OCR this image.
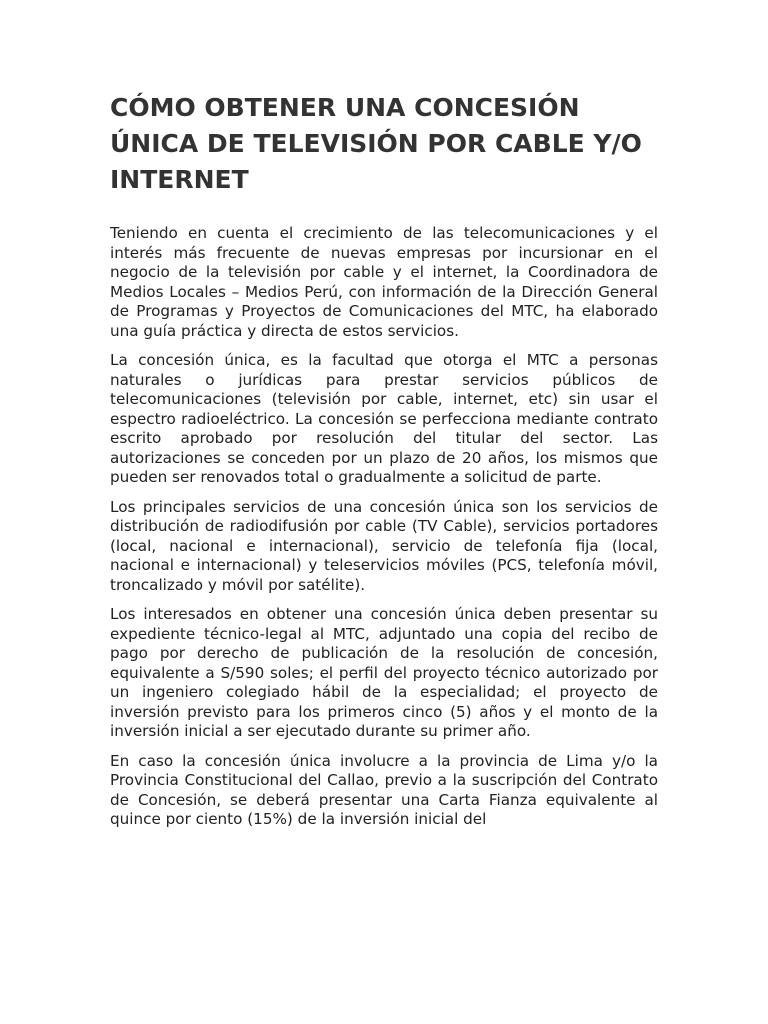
CÓMO OBTENER UNA CONCESIÓN
ÚNICA DE TELEVISIÓN POR CABLE Y/O
INTERNET

Teniendo en cuenta el crecimiento de las telecomunicaciones y el interés más frecuente de nuevas empresas por incursionar en el negocio de la televisión por cable y el internet, la Coordinadora de Medios Locales – Medios Perú, con información de la Dirección General de Programas y Proyectos de Comunicaciones del MTC, ha elaborado una guía práctica y directa de estos servicios.

La concesión única, es la facultad que otorga el MTC a personas naturales o jurídicas para prestar servicios públicos de telecomunicaciones (televisión por cable, internet, etc) sin usar el espectro radioeléctrico. La concesión se perfecciona mediante contrato escrito aprobado por resolución del titular del sector. Las autorizaciones se conceden por un plazo de 20 años, los mismos que pueden ser renovados total o gradualmente a solicitud de parte.

Los principales servicios de una concesión única son los servicios de distribución de radiodifusión por cable (TV Cable), servicios portadores (local, nacional e internacional), servicio de telefonía fija (local, nacional e internacional) y teleservicios móviles (PCS, telefonía móvil, troncalizado y móvil por satélite).

Los interesados en obtener una concesión única deben presentar su expediente técnico-legal al MTC, adjuntado una copia del recibo de pago por derecho de publicación de la resolución de concesión, equivalente a S/590 soles; el perfil del proyecto técnico autorizado por un ingeniero colegiado hábil de la especialidad; el proyecto de inversión previsto para los primeros cinco (5) años y el monto de la inversión inicial a ser ejecutado durante su primer año.

En caso la concesión única involucre a la provincia de Lima y/o la Provincia Constitucional del Callao, previo a la suscripción del Contrato de Concesión, se deberá presentar una Carta Fianza equivalente al quince por ciento (15%) de la inversión inicial del
